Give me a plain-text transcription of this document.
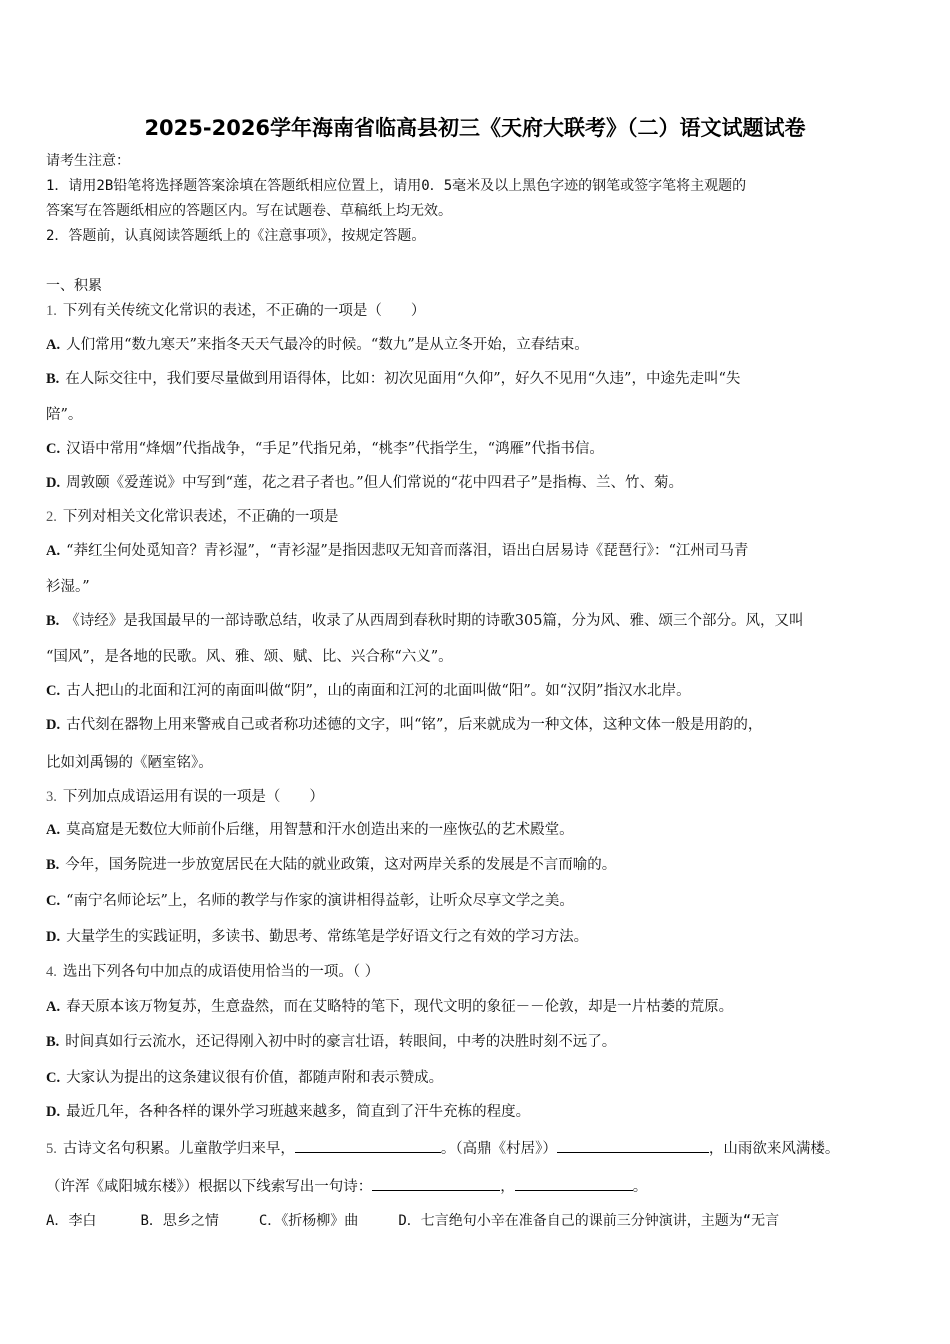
2025-2026学年海南省临高县初三《天府大联考》（二）语文试题试卷
请考生注意：
1．请用2B铅笔将选择题答案涂填在答题纸相应位置上，请用0．5毫米及以上黑色字迹的钢笔或签字笔将主观题的
答案写在答题纸相应的答题区内。写在试题卷、草稿纸上均无效。
2．答题前，认真阅读答题纸上的《注意事项》，按规定答题。
一、积累
1. 下列有关传统文化常识的表述，不正确的一项是（　　）
A. 人们常用“数九寒天”来指冬天天气最冷的时候。“数九”是从立冬开始，立春结束。
B. 在人际交往中，我们要尽量做到用语得体，比如：初次见面用“久仰”，好久不见用“久违”，中途先走叫“失
陪”。
C. 汉语中常用“烽烟”代指战争，“手足”代指兄弟，“桃李”代指学生，“鸿雁”代指书信。
D. 周敦颐《爱莲说》中写到“莲，花之君子者也。”但人们常说的“花中四君子”是指梅、兰、竹、菊。
2. 下列对相关文化常识表述，不正确的一项是
A. “莽红尘何处觅知音？青衫湿”，“青衫湿”是指因悲叹无知音而落泪，语出白居易诗《琵琶行》：“江州司马青
衫湿。”
B. 《诗经》是我国最早的一部诗歌总结，收录了从西周到春秋时期的诗歌305篇，分为风、雅、颂三个部分。风，又叫
“国风”，是各地的民歌。风、雅、颂、赋、比、兴合称“六义”。
C. 古人把山的北面和江河的南面叫做“阴”，山的南面和江河的北面叫做“阳”。如“汉阴”指汉水北岸。
D. 古代刻在器物上用来警戒自己或者称功述德的文字，叫“铭”，后来就成为一种文体，这种文体一般是用韵的，
比如刘禹锡的《陋室铭》。
3. 下列加点成语运用有误的一项是（　　）
A. 莫高窟是无数位大师前仆后继，用智慧和汗水创造出来的一座恢弘的艺术殿堂。
B. 今年，国务院进一步放宽居民在大陆的就业政策，这对两岸关系的发展是不言而喻的。
C. “南宁名师论坛”上，名师的教学与作家的演讲相得益彰，让听众尽享文学之美。
D. 大量学生的实践证明，多读书、勤思考、常练笔是学好语文行之有效的学习方法。
4. 选出下列各句中加点的成语使用恰当的一项。（ ）
A. 春天原本该万物复苏，生意盎然，而在艾略特的笔下，现代文明的象征－－伦敦，却是一片枯萎的荒原。
B. 时间真如行云流水，还记得刚入初中时的豪言壮语，转眼间，中考的决胜时刻不远了。
C. 大家认为提出的这条建议很有价值，都随声附和表示赞成。
D. 最近几年，各种各样的课外学习班越来越多，简直到了汗牛充栋的程度。
5. 古诗文名句积累。儿童散学归来早，	。（高鼎《村居》）	，山雨欲来风满楼。
（许浑《咸阳城东楼》）根据以下线索写出一句诗：	，	。
A．李白	B．思乡之情	C．《折杨柳》曲	D．七言绝句小辛在准备自己的课前三分钟演讲，主题为“无言
